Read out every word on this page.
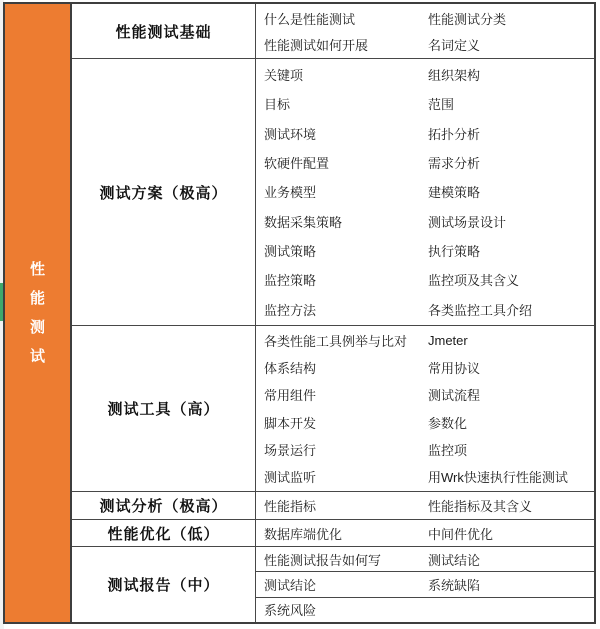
性
能
测
试
性能测试基础
什么是性能测试	性能测试分类
性能测试如何开展	名词定义
测试方案（极高）
关键项	组织架构
目标	范围
测试环境	拓扑分析
软硬件配置	需求分析
业务模型	建模策略
数据采集策略	测试场景设计
测试策略	执行策略
监控策略	监控项及其含义
监控方法	各类监控工具介绍
测试工具（高）
各类性能工具例举与比对	Jmeter
体系结构	常用协议
常用组件	测试流程
脚本开发	参数化
场景运行	监控项
测试监听	用Wrk快速执行性能测试
测试分析（极高）	性能指标	性能指标及其含义
性能优化（低）	数据库端优化	中间件优化
测试报告（中）
性能测试报告如何写	测试结论
测试结论	系统缺陷
系统风险
